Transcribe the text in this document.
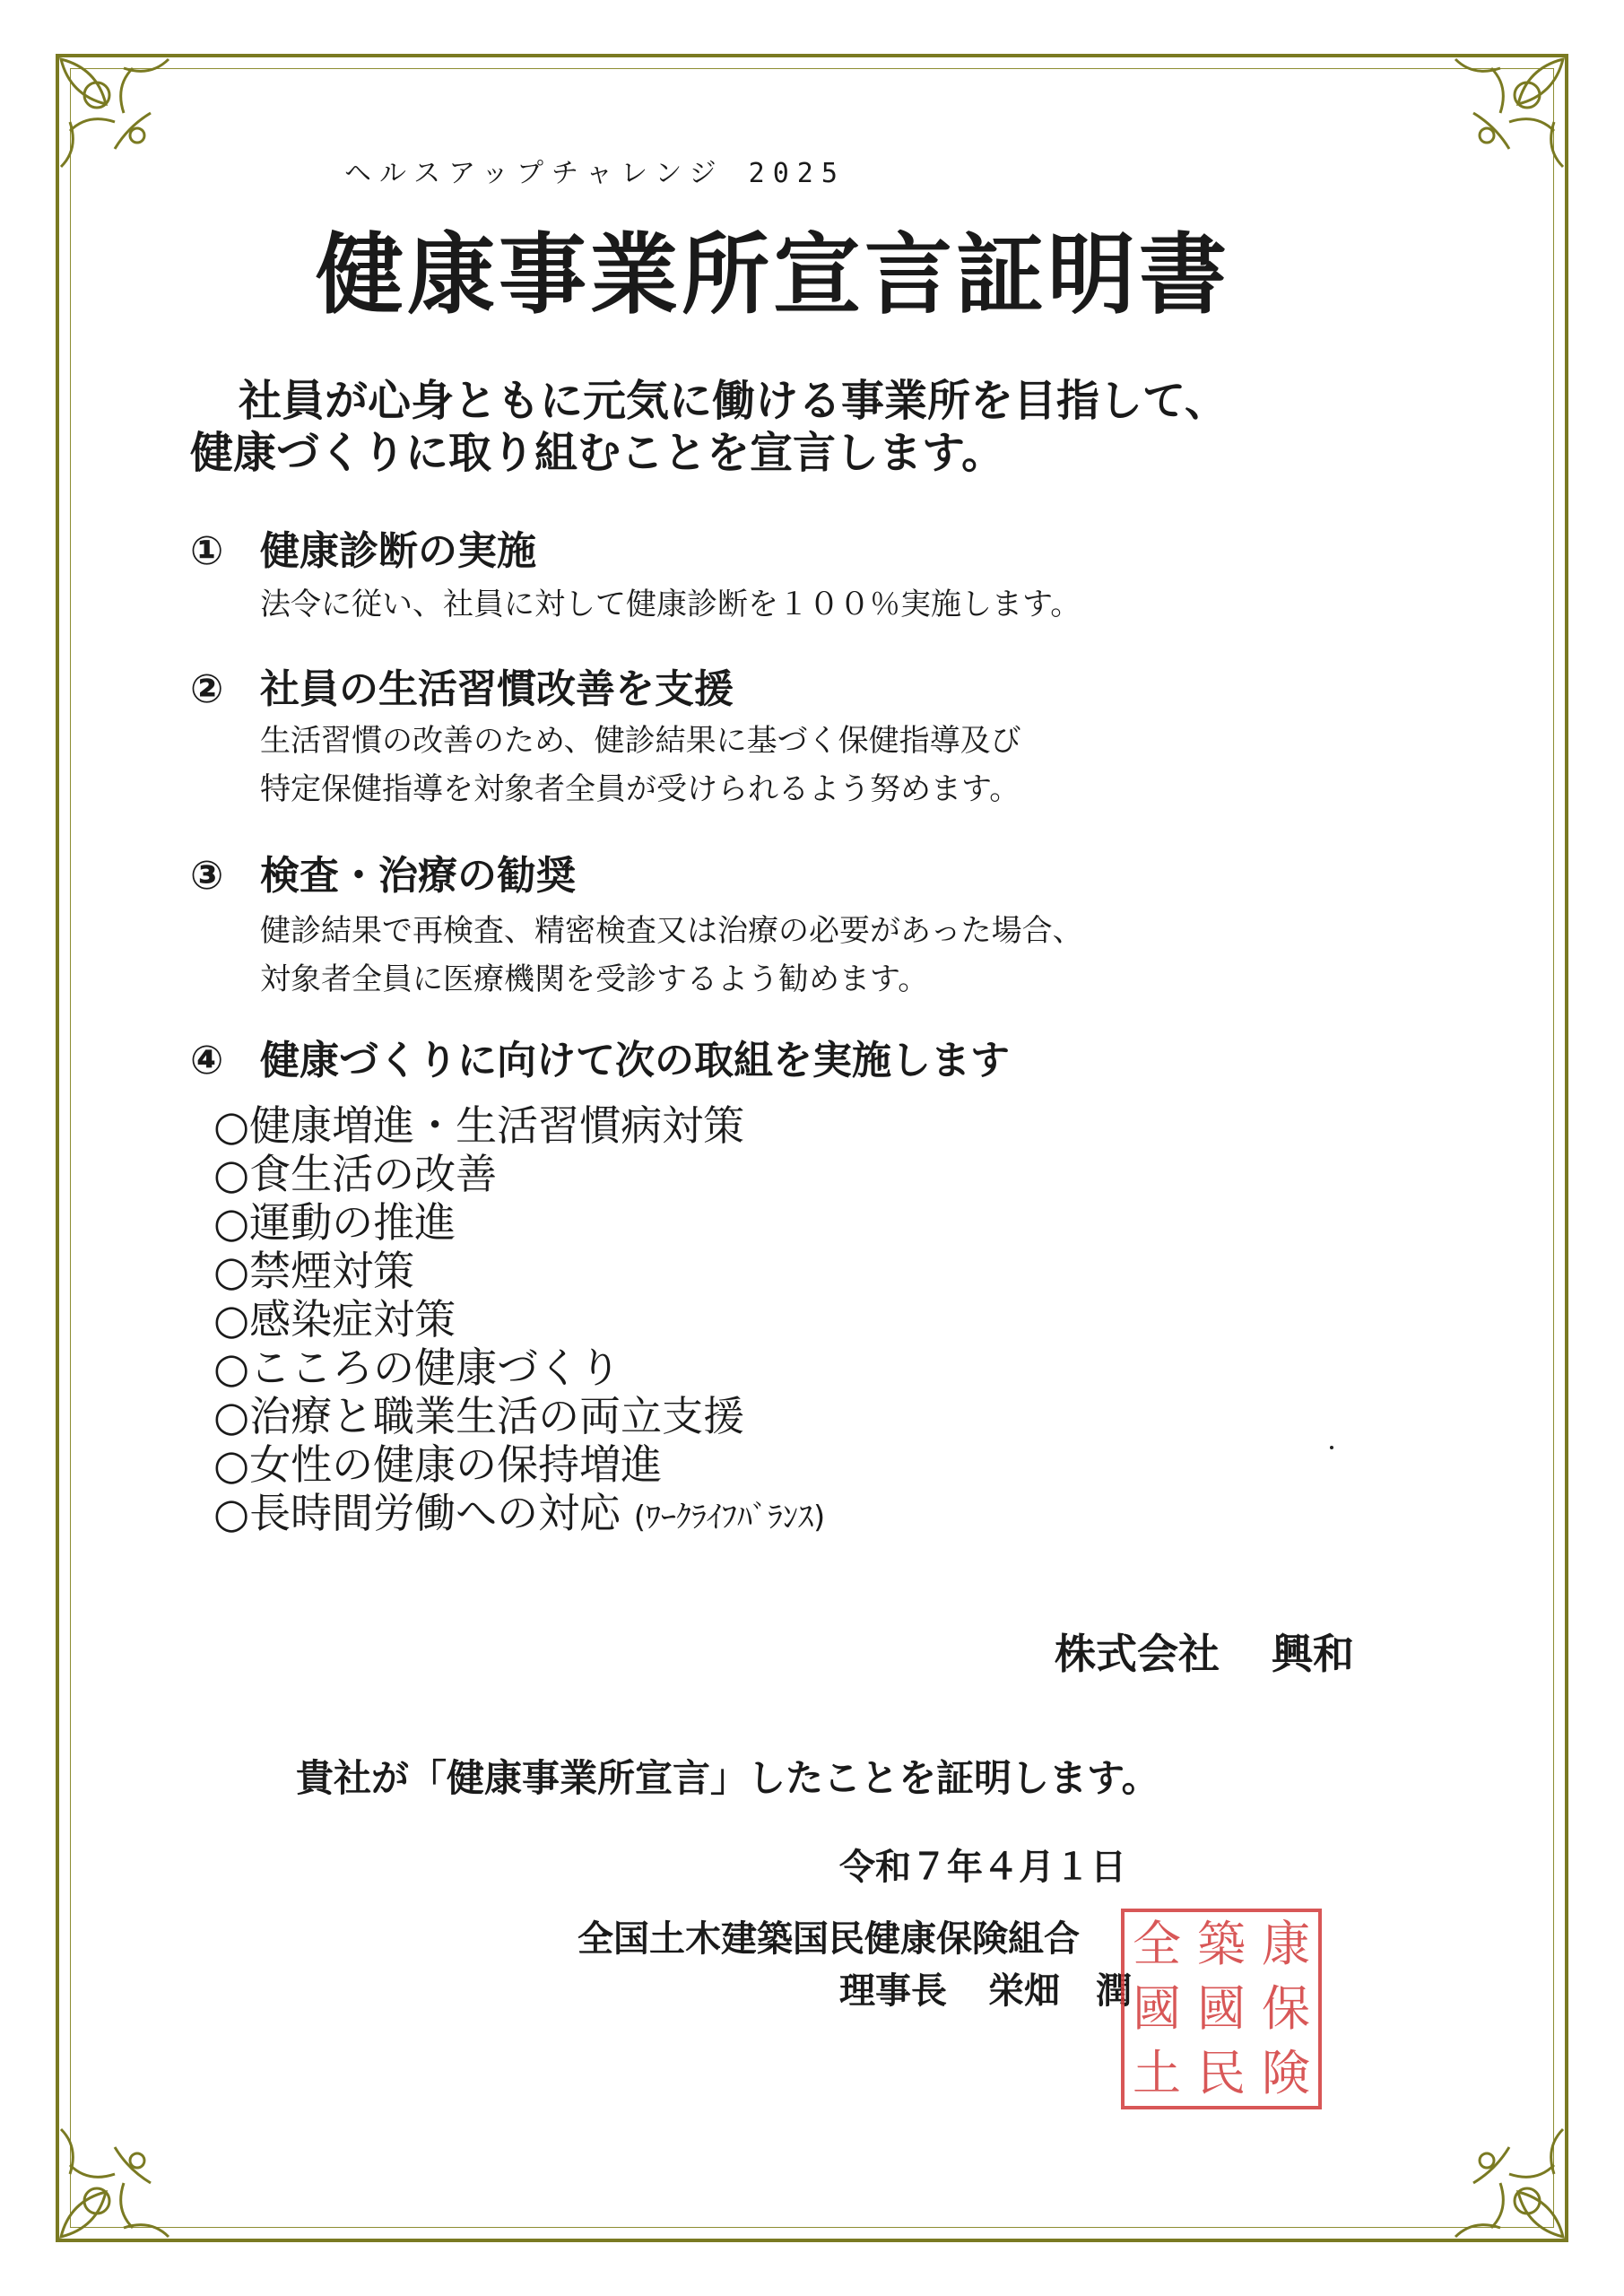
ヘルスアップチャレンジ 2025
健康事業所宣言証明書
社員が心身ともに元気に働ける事業所を目指して、
健康づくりに取り組むことを宣言します。
① 健康診断の実施
法令に従い、社員に対して健康診断を１００％実施します。
② 社員の生活習慣改善を支援
生活習慣の改善のため、健診結果に基づく保健指導及び
特定保健指導を対象者全員が受けられるよう努めます。
③ 検査・治療の勧奨
健診結果で再検査、精密検査又は治療の必要があった場合、
対象者全員に医療機関を受診するよう勧めます。
④ 健康づくりに向けて次の取組を実施します
○健康増進・生活習慣病対策
○食生活の改善
○運動の推進
○禁煙対策
○感染症対策
○こころの健康づくり
○治療と職業生活の両立支援
○女性の健康の保持増進
○長時間労働への対応 (ﾜｰｸﾗｲﾌﾊﾞﾗﾝｽ)
株式会社 興和
貴社が「健康事業所宣言」したことを証明します。
令和７年４月１日
全国土木建築国民健康保険組合
理事長 栄畑　潤
全 築 康
國 國 保
土 民 険
